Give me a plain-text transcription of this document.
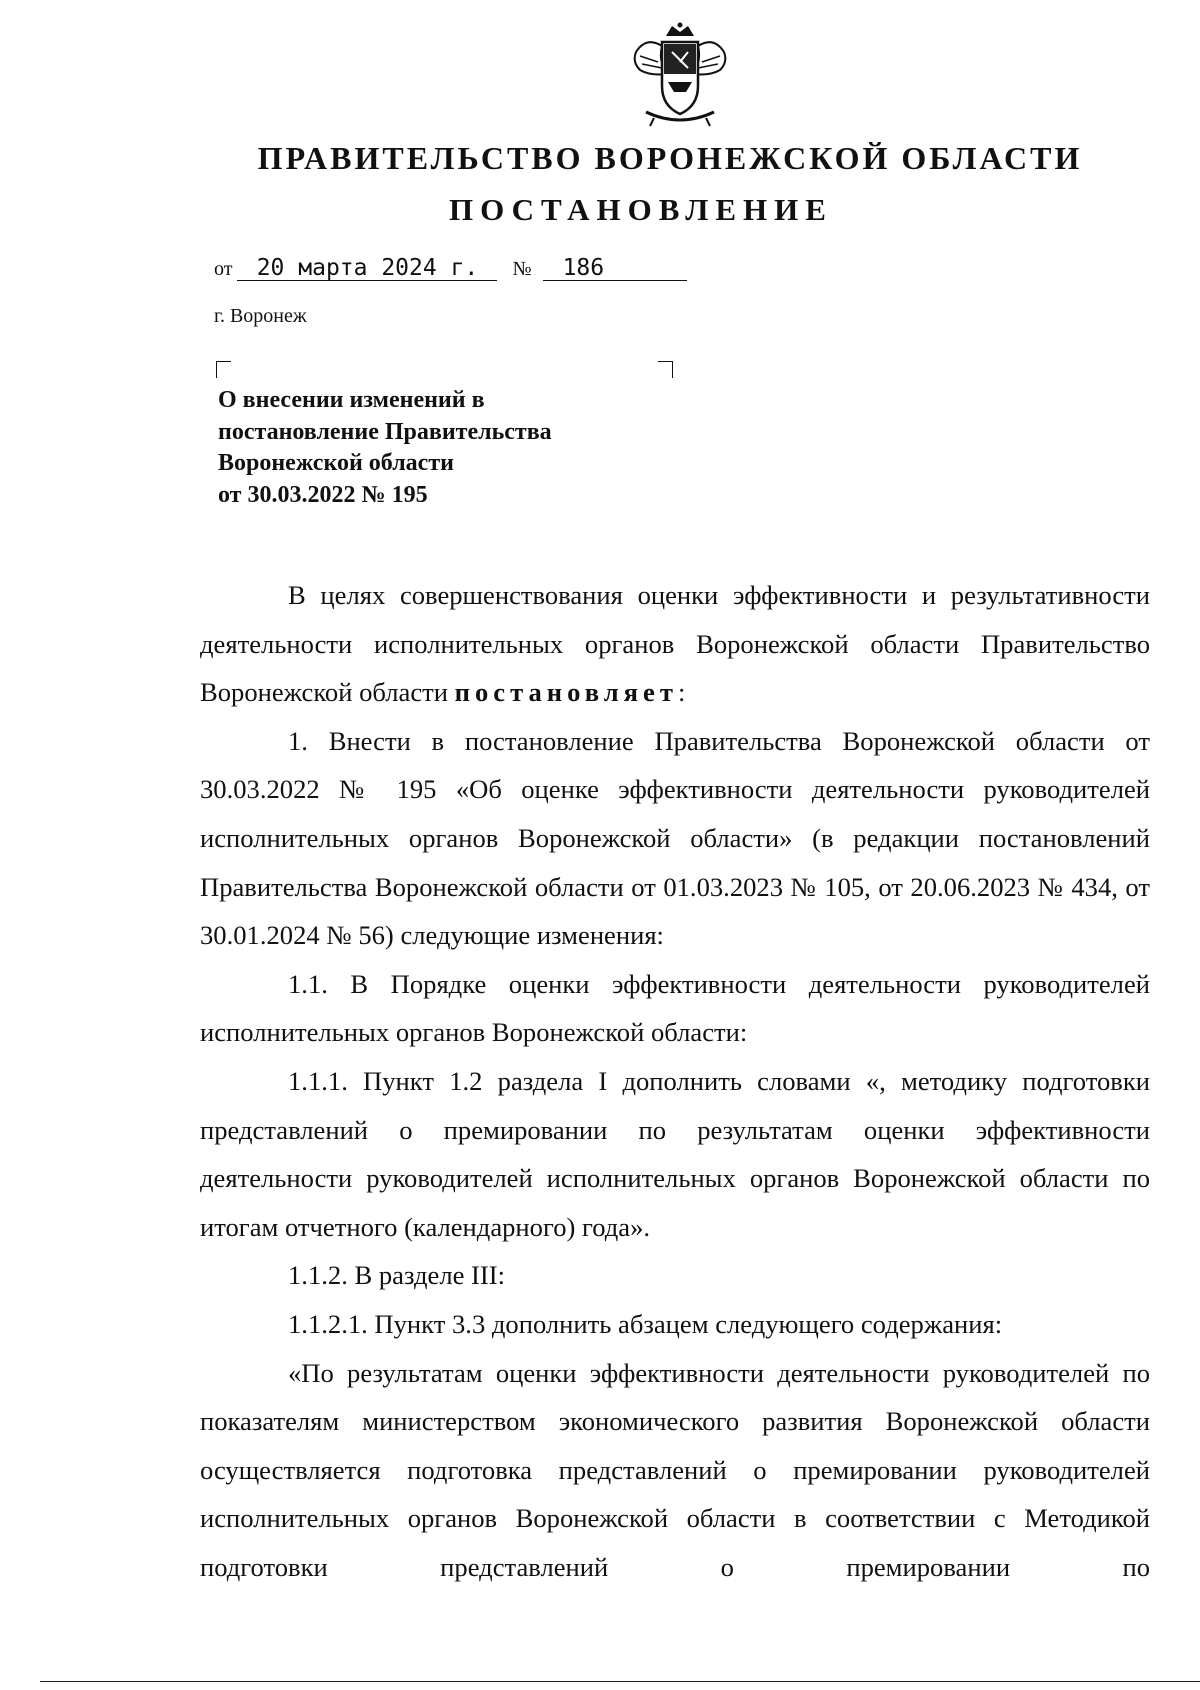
ПРАВИТЕЛЬСТВО ВОРОНЕЖСКОЙ ОБЛАСТИ
ПОСТАНОВЛЕНИЕ
от 20 марта 2024 г. № 186
г. Воронеж
О внесении изменений в
постановление Правительства
Воронежской области
от 30.03.2022 № 195

В целях совершенствования оценки эффективности и результативности деятельности исполнительных органов Воронежской области Правительство Воронежской области постановляет:

1. Внести в постановление Правительства Воронежской области от 30.03.2022 № 195 «Об оценке эффективности деятельности руководителей исполнительных органов Воронежской области» (в редакции постановлений Правительства Воронежской области от 01.03.2023 № 105, от 20.06.2023 № 434, от 30.01.2024 № 56) следующие изменения:

1.1. В Порядке оценки эффективности деятельности руководителей исполнительных органов Воронежской области:

1.1.1. Пункт 1.2 раздела I дополнить словами «, методику подготовки представлений о премировании по результатам оценки эффективности деятельности руководителей исполнительных органов Воронежской области по итогам отчетного (календарного) года».

1.1.2. В разделе III:

1.1.2.1. Пункт 3.3 дополнить абзацем следующего содержания:

«По результатам оценки эффективности деятельности руководителей по показателям министерством экономического развития Воронежской области осуществляется подготовка представлений о премировании руководителей исполнительных органов Воронежской области в соответствии с Методикой подготовки представлений о премировании по
